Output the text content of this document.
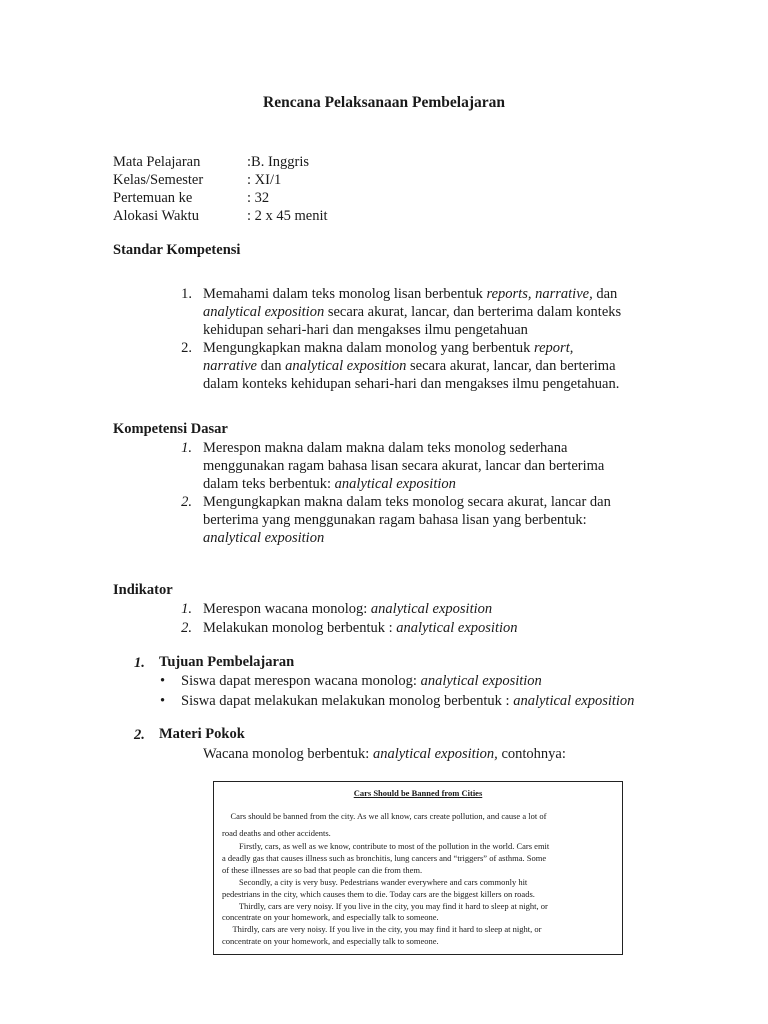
Rencana Pelaksanaan Pembelajaran
Mata Pelajaran	:B. Inggris
Kelas/Semester	: XI/1
Pertemuan ke	: 32
Alokasi Waktu	: 2 x 45 menit
Standar Kompetensi
1. Memahami dalam teks monolog lisan berbentuk reports, narrative, dan
analytical exposition secara akurat, lancar, dan berterima dalam konteks
kehidupan sehari-hari dan mengakses ilmu pengetahuan
2. Mengungkapkan makna dalam monolog yang berbentuk report,
narrative dan analytical exposition secara akurat, lancar, dan berterima
dalam konteks kehidupan sehari-hari dan mengakses ilmu pengetahuan.
Kompetensi Dasar
1. Merespon makna dalam makna dalam teks monolog sederhana
menggunakan ragam bahasa lisan secara akurat, lancar dan berterima
dalam teks berbentuk: analytical exposition
2. Mengungkapkan makna dalam teks monolog secara akurat, lancar dan
berterima yang menggunakan ragam bahasa lisan yang berbentuk:
analytical exposition
Indikator
1. Merespon wacana monolog: analytical exposition
2. Melakukan monolog berbentuk : analytical exposition
1. Tujuan Pembelajaran
• Siswa dapat merespon wacana monolog: analytical exposition
• Siswa dapat melakukan melakukan monolog berbentuk : analytical exposition
2. Materi Pokok
Wacana monolog berbentuk: analytical exposition, contohnya:
Cars Should be Banned from Cities
Cars should be banned from the city. As we all know, cars create pollution, and cause a lot of
road deaths and other accidents.
Firstly, cars, as well as we know, contribute to most of the pollution in the world. Cars emit
a deadly gas that causes illness such as bronchitis, lung cancers and “triggers” of asthma. Some
of these illnesses are so bad that people can die from them.
Secondly, a city is very busy. Pedestrians wander everywhere and cars commonly hit
pedestrians in the city, which causes them to die. Today cars are the biggest killers on roads.
Thirdly, cars are very noisy. If you live in the city, you may find it hard to sleep at night, or
concentrate on your homework, and especially talk to someone.
Thirdly, cars are very noisy. If you live in the city, you may find it hard to sleep at night, or
concentrate on your homework, and especially talk to someone.
